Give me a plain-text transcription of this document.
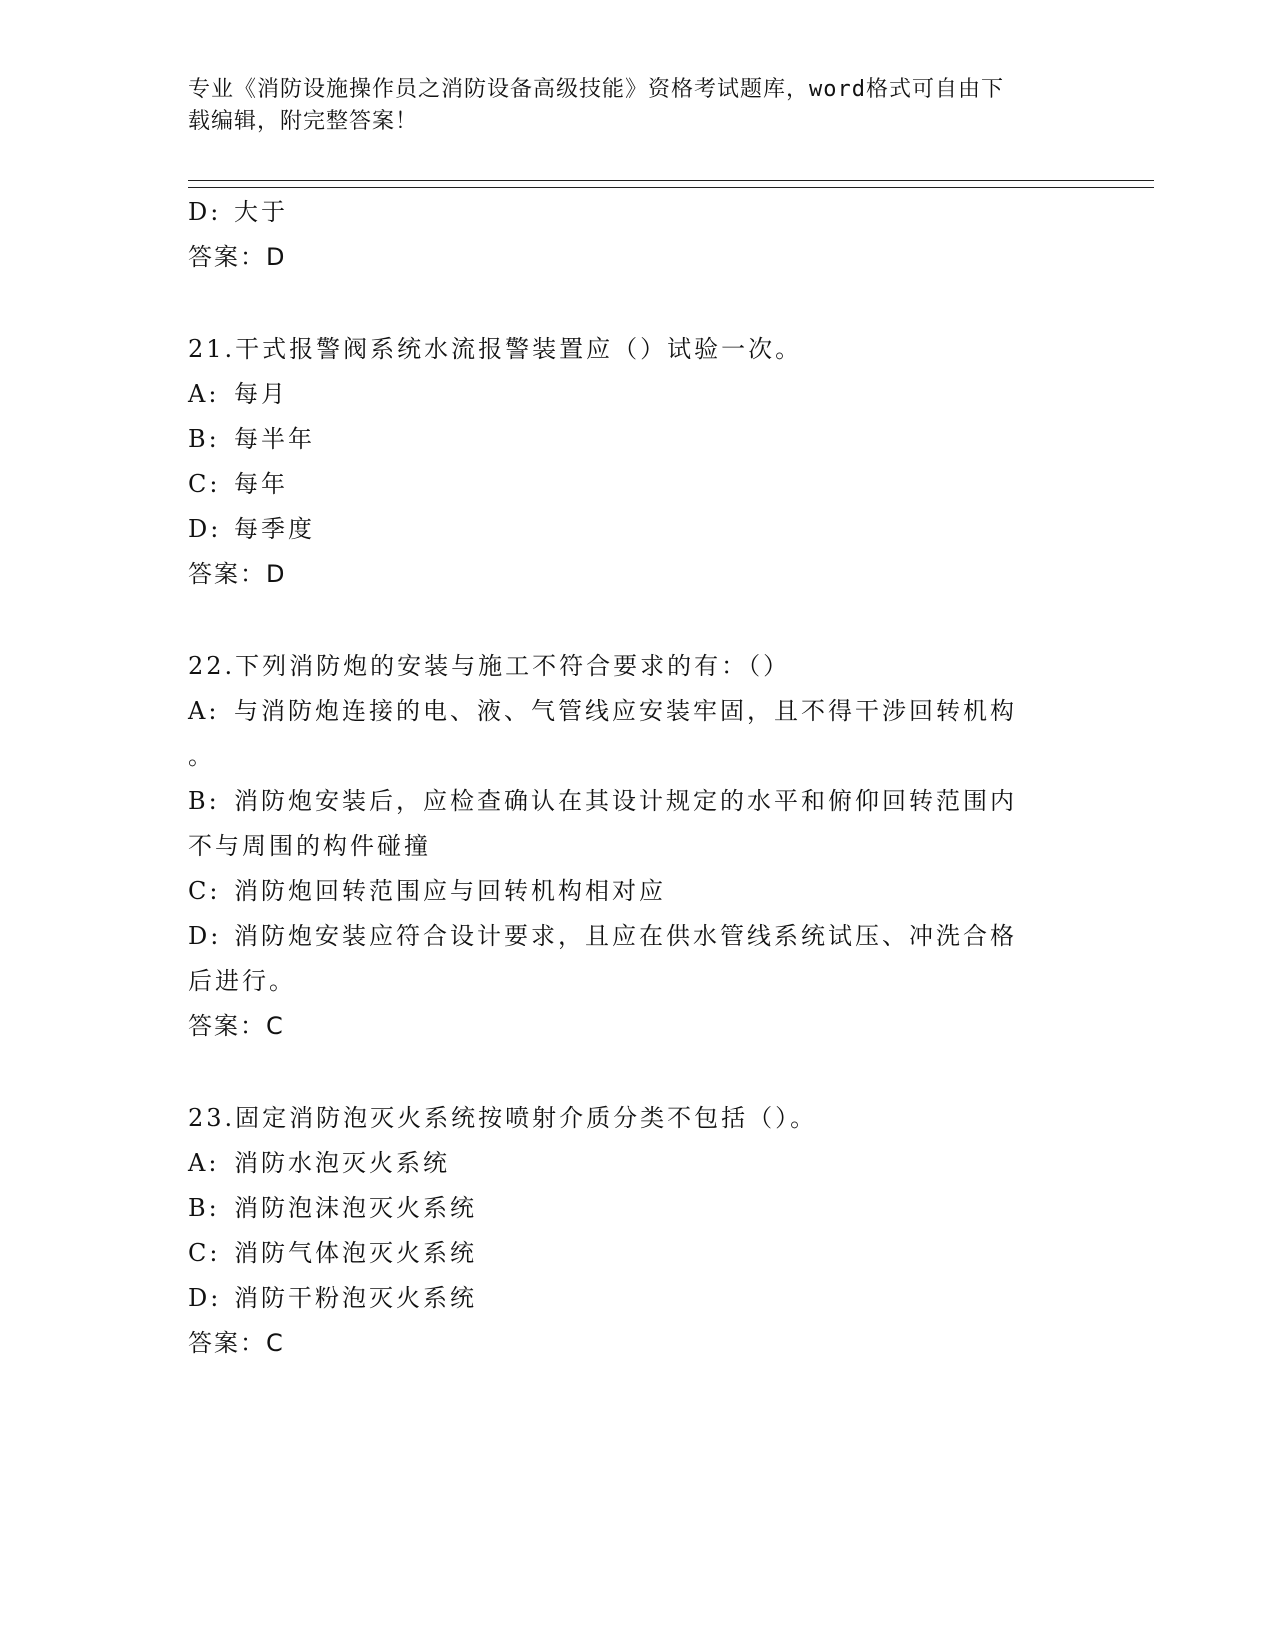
专业《消防设施操作员之消防设备高级技能》资格考试题库，word格式可自由下
载编辑，附完整答案！
D: 大于
答案：D
21.干式报警阀系统水流报警装置应（）试验一次。
A: 每月
B: 每半年
C: 每年
D: 每季度
答案：D
22.下列消防炮的安装与施工不符合要求的有：（）
A: 与消防炮连接的电、液、气管线应安装牢固，且不得干涉回转机构
。
B: 消防炮安装后，应检查确认在其设计规定的水平和俯仰回转范围内
不与周围的构件碰撞
C: 消防炮回转范围应与回转机构相对应
D: 消防炮安装应符合设计要求，且应在供水管线系统试压、冲洗合格
后进行。
答案：C
23.固定消防泡灭火系统按喷射介质分类不包括（）。
A: 消防水泡灭火系统
B: 消防泡沫泡灭火系统
C: 消防气体泡灭火系统
D: 消防干粉泡灭火系统
答案：C
